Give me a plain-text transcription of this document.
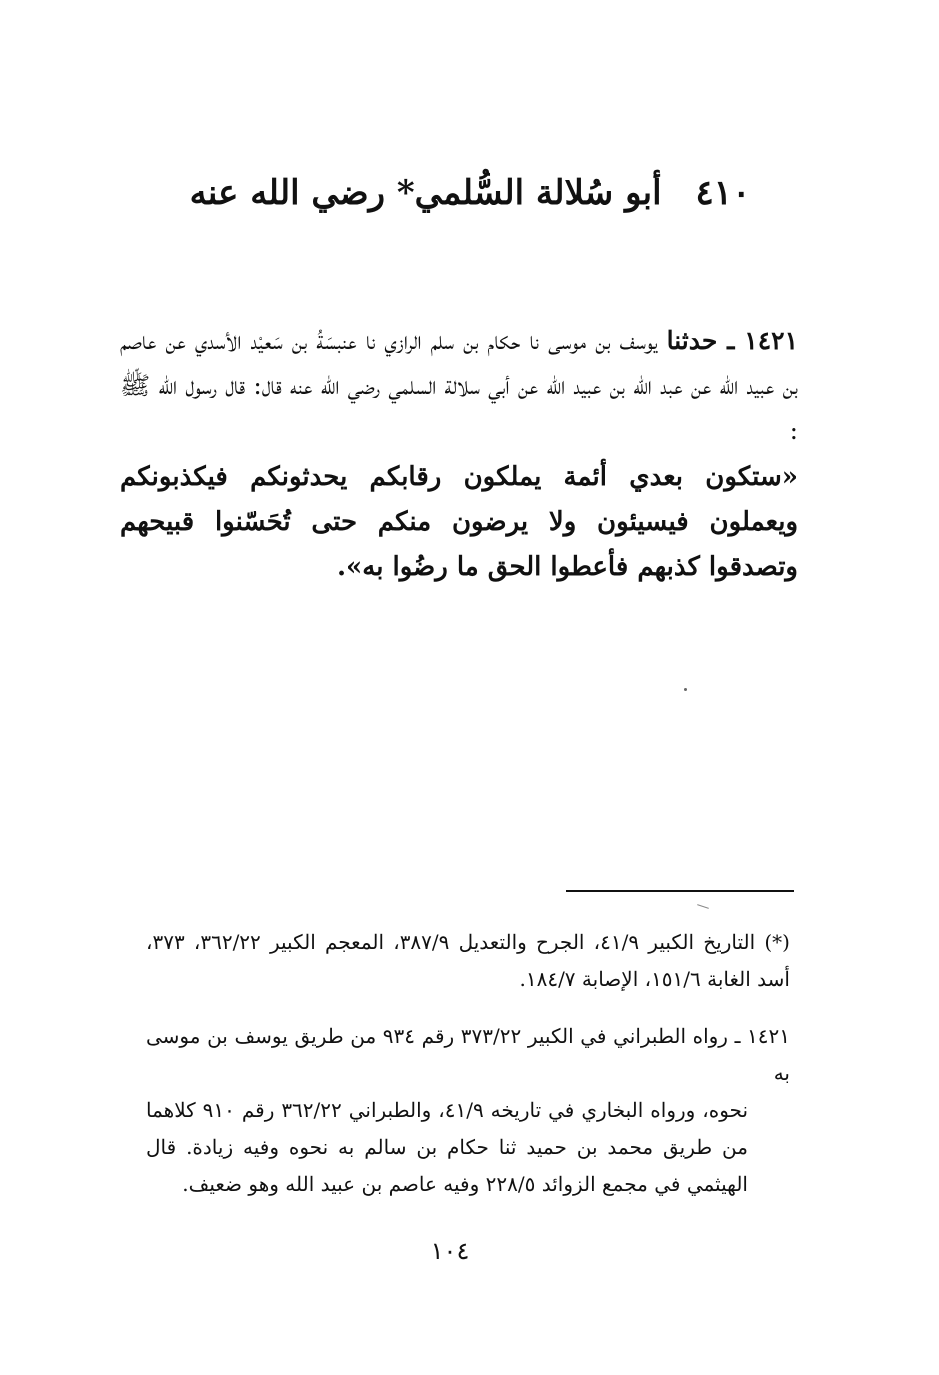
٤١٠أبو سُلالة السُّلمي* رضي الله عنه

١٤٢١ ـ حدثنا يوسف بن موسى نا حكام بن سلم الرازي نا عنبسَةُ بن سَعيْد الأسدي عن عاصم بن عبيد الله عن عبد الله بن عبيد الله عن أبي سلالة السلمي رضي الله عنه قال: قال رسول الله ﷺ :

«ستكون بعدي أئمة يملكون رقابكم يحدثونكم فيكذبونكم ويعملون فيسيئون ولا يرضون منكم حتى تُحَسّنوا قبيحهم وتصدقوا كذبهم فأعطوا الحق ما رضُوا به».

(*) التاريخ الكبير ٤١/٩، الجرح والتعديل ٣٨٧/٩، المعجم الكبير ٣٦٢/٢٢، ٣٧٣، أسد الغابة ١٥١/٦، الإصابة ١٨٤/٧.

١٤٢١ ـ رواه الطبراني في الكبير ٣٧٣/٢٢ رقم ٩٣٤ من طريق يوسف بن موسى به

نحوه، ورواه البخاري في تاريخه ٤١/٩، والطبراني ٣٦٢/٢٢ رقم ٩١٠ كلاهما من طريق محمد بن حميد ثنا حكام بن سالم به نحوه وفيه زيادة. قال الهيثمي في مجمع الزوائد ٢٢٨/٥ وفيه عاصم بن عبيد الله وهو ضعيف.

١٠٤
